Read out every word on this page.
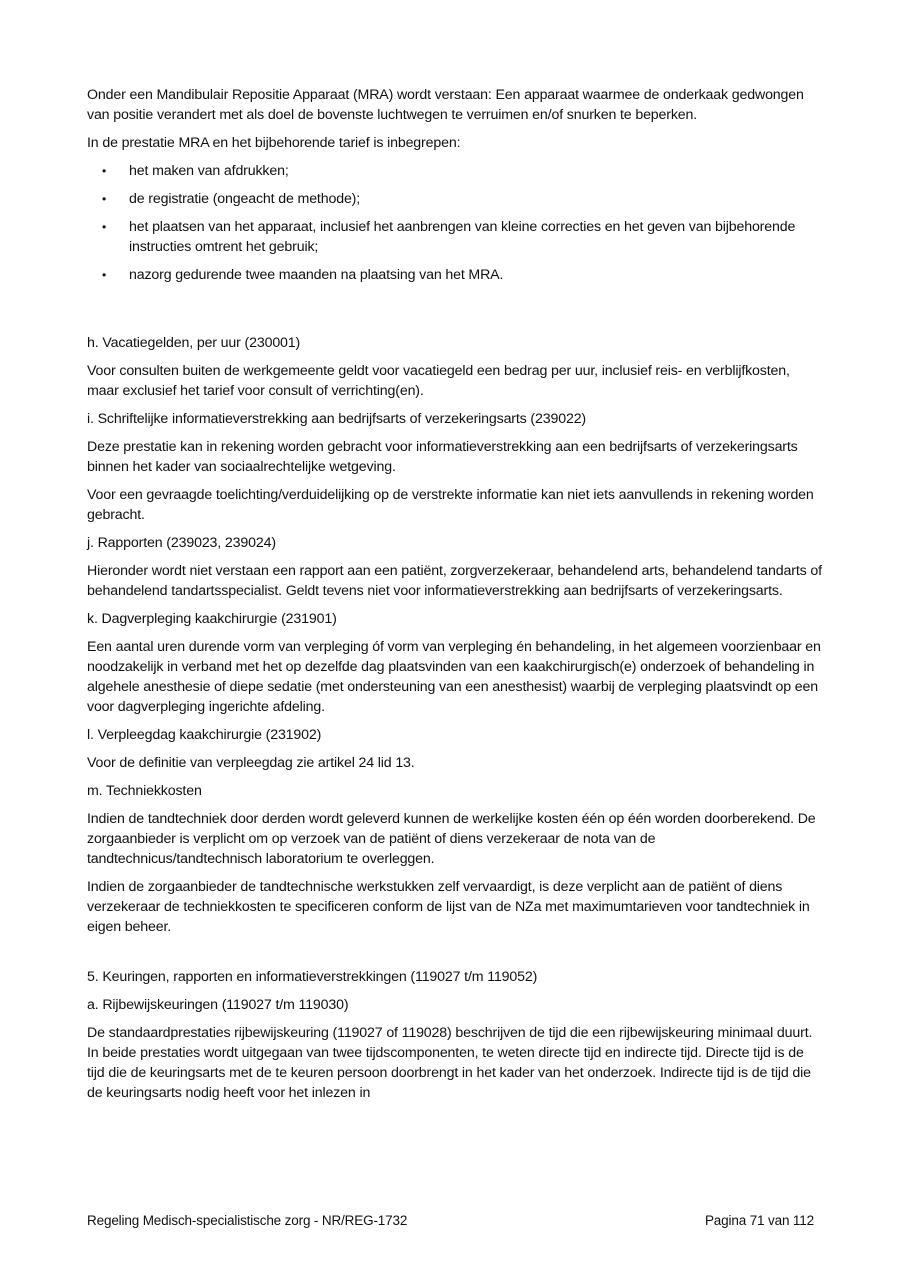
Onder een Mandibulair Repositie Apparaat (MRA) wordt verstaan: Een apparaat waarmee de onderkaak gedwongen van positie verandert met als doel de bovenste luchtwegen te verruimen en/of snurken te beperken.

In de prestatie MRA en het bijbehorende tarief is inbegrepen:

• het maken van afdrukken;
• de registratie (ongeacht de methode);
• het plaatsen van het apparaat, inclusief het aanbrengen van kleine correcties en het geven van bijbehorende instructies omtrent het gebruik;
• nazorg gedurende twee maanden na plaatsing van het MRA.

h. Vacatiegelden, per uur (230001)

Voor consulten buiten de werkgemeente geldt voor vacatiegeld een bedrag per uur, inclusief reis- en verblijfkosten, maar exclusief het tarief voor consult of verrichting(en).

i. Schriftelijke informatieverstrekking aan bedrijfsarts of verzekeringsarts (239022)

Deze prestatie kan in rekening worden gebracht voor informatieverstrekking aan een bedrijfsarts of verzekeringsarts binnen het kader van sociaalrechtelijke wetgeving.

Voor een gevraagde toelichting/verduidelijking op de verstrekte informatie kan niet iets aanvullends in rekening worden gebracht.

j. Rapporten (239023, 239024)

Hieronder wordt niet verstaan een rapport aan een patiënt, zorgverzekeraar, behandelend arts, behandelend tandarts of behandelend tandartsspecialist. Geldt tevens niet voor informatieverstrekking aan bedrijfsarts of verzekeringsarts.

k. Dagverpleging kaakchirurgie (231901)

Een aantal uren durende vorm van verpleging óf vorm van verpleging én behandeling, in het algemeen voorzienbaar en noodzakelijk in verband met het op dezelfde dag plaatsvinden van een kaakchirurgisch(e) onderzoek of behandeling in algehele anesthesie of diepe sedatie (met ondersteuning van een anesthesist) waarbij de verpleging plaatsvindt op een voor dagverpleging ingerichte afdeling.

l. Verpleegdag kaakchirurgie (231902)

Voor de definitie van verpleegdag zie artikel 24 lid 13.

m. Techniekkosten

Indien de tandtechniek door derden wordt geleverd kunnen de werkelijke kosten één op één worden doorberekend. De zorgaanbieder is verplicht om op verzoek van de patiënt of diens verzekeraar de nota van de tandtechnicus/tandtechnisch laboratorium te overleggen.

Indien de zorgaanbieder de tandtechnische werkstukken zelf vervaardigt, is deze verplicht aan de patiënt of diens verzekeraar de techniekkosten te specificeren conform de lijst van de NZa met maximumtarieven voor tandtechniek in eigen beheer.

5. Keuringen, rapporten en informatieverstrekkingen (119027 t/m 119052)

a. Rijbewijskeuringen (119027 t/m 119030)

De standaardprestaties rijbewijskeuring (119027 of 119028) beschrijven de tijd die een rijbewijskeuring minimaal duurt. In beide prestaties wordt uitgegaan van twee tijdscomponenten, te weten directe tijd en indirecte tijd. Directe tijd is de tijd die de keuringsarts met de te keuren persoon doorbrengt in het kader van het onderzoek. Indirecte tijd is de tijd die de keuringsarts nodig heeft voor het inlezen in

Regeling Medisch-specialistische zorg - NR/REG-1732	Pagina 71 van 112
